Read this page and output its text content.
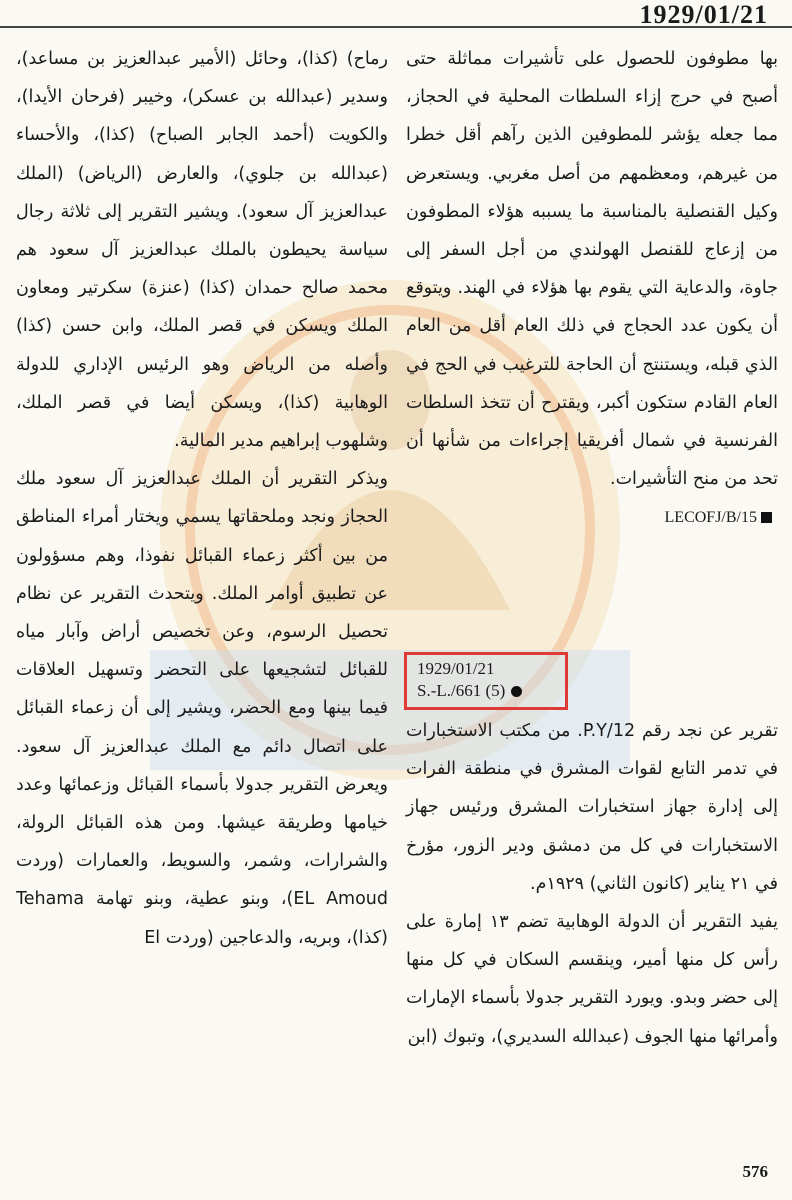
1929/01/21

بها مطوفون للحصول على تأشيرات مماثلة حتى أصبح في حرج إزاء السلطات المحلية في الحجاز، مما جعله يؤشر للمطوفين الذين رآهم أقل خطرا من غيرهم، ومعظمهم من أصل مغربي. ويستعرض وكيل القنصلية بالمناسبة ما يسببه هؤلاء المطوفون من إزعاج للقنصل الهولندي من أجل السفر إلى جاوة، والدعاية التي يقوم بها هؤلاء في الهند. ويتوقع أن يكون عدد الحجاج في ذلك العام أقل من العام الذي قبله، ويستنتج أن الحاجة للترغيب في الحج في العام القادم ستكون أكبر، ويقترح أن تتخذ السلطات الفرنسية في شمال أفريقيا إجراءات من شأنها أن تحد من منح التأشيرات.

LECOFJ/B/15
1929/01/21
S.-L./661 (5)

تقرير عن نجد رقم 12/P.Y. من مكتب الاستخبارات في تدمر التابع لقوات المشرق في منطقة الفرات إلى إدارة جهاز استخبارات المشرق ورئيس جهاز الاستخبارات في كل من دمشق ودير الزور، مؤرخ في ٢١ يناير (كانون الثاني) ١٩٢٩م.

يفيد التقرير أن الدولة الوهابية تضم ١٣ إمارة على رأس كل منها أمير، وينقسم السكان في كل منها إلى حضر وبدو. ويورد التقرير جدولا بأسماء الإمارات وأمرائها منها الجوف (عبدالله السديري)، وتبوك (ابن

رماح) (كذا)، وحائل (الأمير عبدالعزيز بن مساعد)، وسدير (عبدالله بن عسكر)، وخيبر (فرحان الأيدا)، والكويت (أحمد الجابر الصباح) (كذا)، والأحساء (عبدالله بن جلوي)، والعارض (الرياض) (الملك عبدالعزيز آل سعود). ويشير التقرير إلى ثلاثة رجال سياسة يحيطون بالملك عبدالعزيز آل سعود هم محمد صالح حمدان (كذا) (عنزة) سكرتير ومعاون الملك ويسكن في قصر الملك، وابن حسن (كذا) وأصله من الرياض وهو الرئيس الإداري للدولة الوهابية (كذا)، ويسكن أيضا في قصر الملك، وشلهوب إبراهيم مدير المالية.

ويذكر التقرير أن الملك عبدالعزيز آل سعود ملك الحجاز ونجد وملحقاتها يسمي ويختار أمراء المناطق من بين أكثر زعماء القبائل نفوذا، وهم مسؤولون عن تطبيق أوامر الملك. ويتحدث التقرير عن نظام تحصيل الرسوم، وعن تخصيص أراض وآبار مياه للقبائل لتشجيعها على التحضر وتسهيل العلاقات فيما بينها ومع الحضر، ويشير إلى أن زعماء القبائل على اتصال دائم مع الملك عبدالعزيز آل سعود. ويعرض التقرير جدولا بأسماء القبائل وزعمائها وعدد خيامها وطريقة عيشها. ومن هذه القبائل الرولة، والشرارات، وشمر، والسويط، والعمارات (وردت EL Amoud)، وبنو عطية، وبنو تهامة Tehama (كذا)، وبريه، والدعاجين (وردت El

576
